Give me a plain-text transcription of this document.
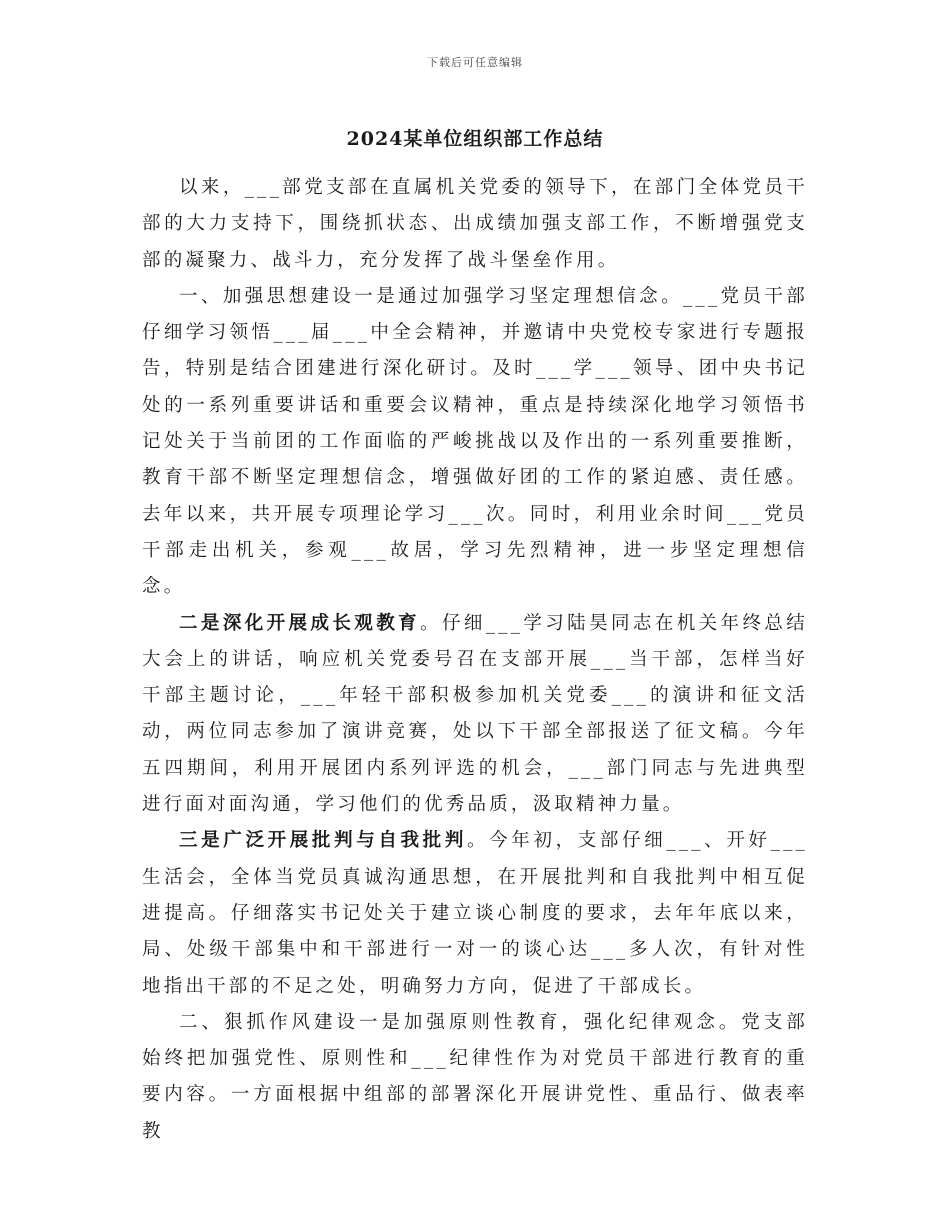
下载后可任意编辑
2024某单位组织部工作总结

以来，___部党支部在直属机关党委的领导下，在部门全体党员干部的大力支持下，围绕抓状态、出成绩加强支部工作，不断增强党支部的凝聚力、战斗力，充分发挥了战斗堡垒作用。

一、加强思想建设一是通过加强学习坚定理想信念。___党员干部仔细学习领悟___届___中全会精神，并邀请中央党校专家进行专题报告，特别是结合团建进行深化研讨。及时___学___领导、团中央书记处的一系列重要讲话和重要会议精神，重点是持续深化地学习领悟书记处关于当前团的工作面临的严峻挑战以及作出的一系列重要推断，教育干部不断坚定理想信念，增强做好团的工作的紧迫感、责任感。去年以来，共开展专项理论学习___次。同时，利用业余时间___党员干部走出机关，参观___故居，学习先烈精神，进一步坚定理想信念。

二是深化开展成长观教育。仔细___学习陆昊同志在机关年终总结大会上的讲话，响应机关党委号召在支部开展___当干部，怎样当好干部主题讨论，___年轻干部积极参加机关党委___的演讲和征文活动，两位同志参加了演讲竞赛，处以下干部全部报送了征文稿。今年五四期间，利用开展团内系列评选的机会，___部门同志与先进典型进行面对面沟通，学习他们的优秀品质，汲取精神力量。

三是广泛开展批判与自我批判。今年初，支部仔细___、开好___生活会，全体当党员真诚沟通思想，在开展批判和自我批判中相互促进提高。仔细落实书记处关于建立谈心制度的要求，去年年底以来，局、处级干部集中和干部进行一对一的谈心达___多人次，有针对性地指出干部的不足之处，明确努力方向，促进了干部成长。

二、狠抓作风建设一是加强原则性教育，强化纪律观念。党支部始终把加强党性、原则性和___纪律性作为对党员干部进行教育的重要内容。一方面根据中组部的部署深化开展讲党性、重品行、做表率教
